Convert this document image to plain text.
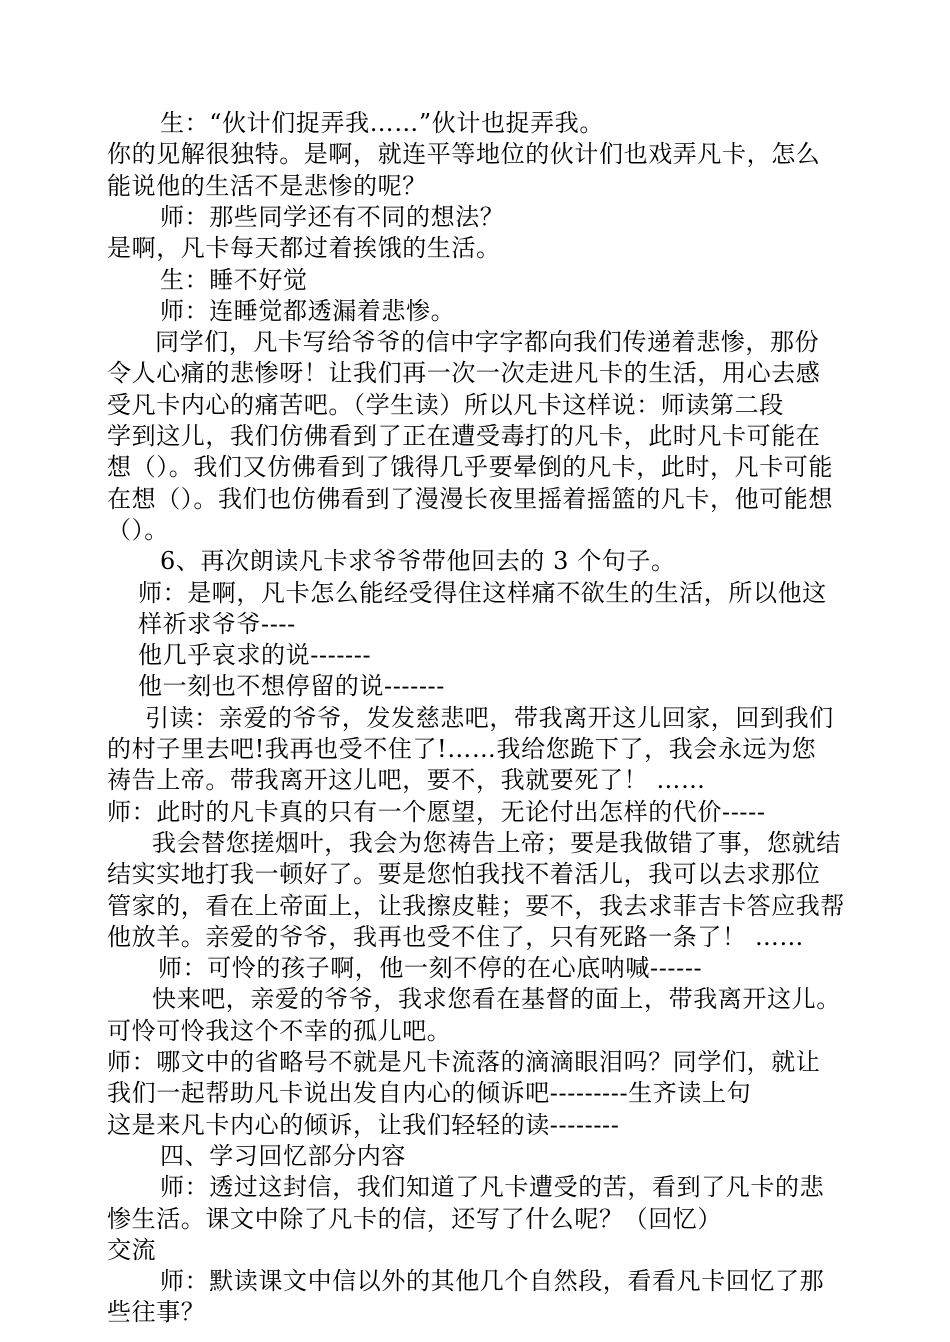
生：“伙计们捉弄我……”伙计也捉弄我。
你的见解很独特。是啊，就连平等地位的伙计们也戏弄凡卡，怎么
能说他的生活不是悲惨的呢？
师：那些同学还有不同的想法？
是啊，凡卡每天都过着挨饿的生活。
生：睡不好觉
师：连睡觉都透漏着悲惨。
同学们，凡卡写给爷爷的信中字字都向我们传递着悲惨，那份
令人心痛的悲惨呀！让我们再一次一次走进凡卡的生活，用心去感
受凡卡内心的痛苦吧。（学生读）所以凡卡这样说：师读第二段
学到这儿，我们仿佛看到了正在遭受毒打的凡卡，此时凡卡可能在
想（）。我们又仿佛看到了饿得几乎要晕倒的凡卡，此时，凡卡可能
在想（）。我们也仿佛看到了漫漫长夜里摇着摇篮的凡卡，他可能想
（）。
6、再次朗读凡卡求爷爷带他回去的 3 个句子。
师：是啊，凡卡怎么能经受得住这样痛不欲生的生活，所以他这
样祈求爷爷----
他几乎哀求的说-------
他一刻也不想停留的说-------
引读：亲爱的爷爷，发发慈悲吧，带我离开这儿回家，回到我们
的村子里去吧!我再也受不住了!……我给您跪下了，我会永远为您
祷告上帝。带我离开这儿吧，要不，我就要死了！ ……
师：此时的凡卡真的只有一个愿望，无论付出怎样的代价-----
我会替您搓烟叶，我会为您祷告上帝；要是我做错了事，您就结
结实实地打我一顿好了。要是您怕我找不着活儿，我可以去求那位
管家的，看在上帝面上，让我擦皮鞋；要不，我去求菲吉卡答应我帮
他放羊。亲爱的爷爷，我再也受不住了，只有死路一条了！ ……
师：可怜的孩子啊，他一刻不停的在心底呐喊------
快来吧，亲爱的爷爷，我求您看在基督的面上，带我离开这儿。
可怜可怜我这个不幸的孤儿吧。
师：哪文中的省略号不就是凡卡流落的滴滴眼泪吗？同学们，就让
我们一起帮助凡卡说出发自内心的倾诉吧---------生齐读上句
这是来凡卡内心的倾诉，让我们轻轻的读--------
四、学习回忆部分内容
师：透过这封信，我们知道了凡卡遭受的苦，看到了凡卡的悲
惨生活。课文中除了凡卡的信，还写了什么呢？（回忆）
交流
师：默读课文中信以外的其他几个自然段，看看凡卡回忆了那
些往事？
